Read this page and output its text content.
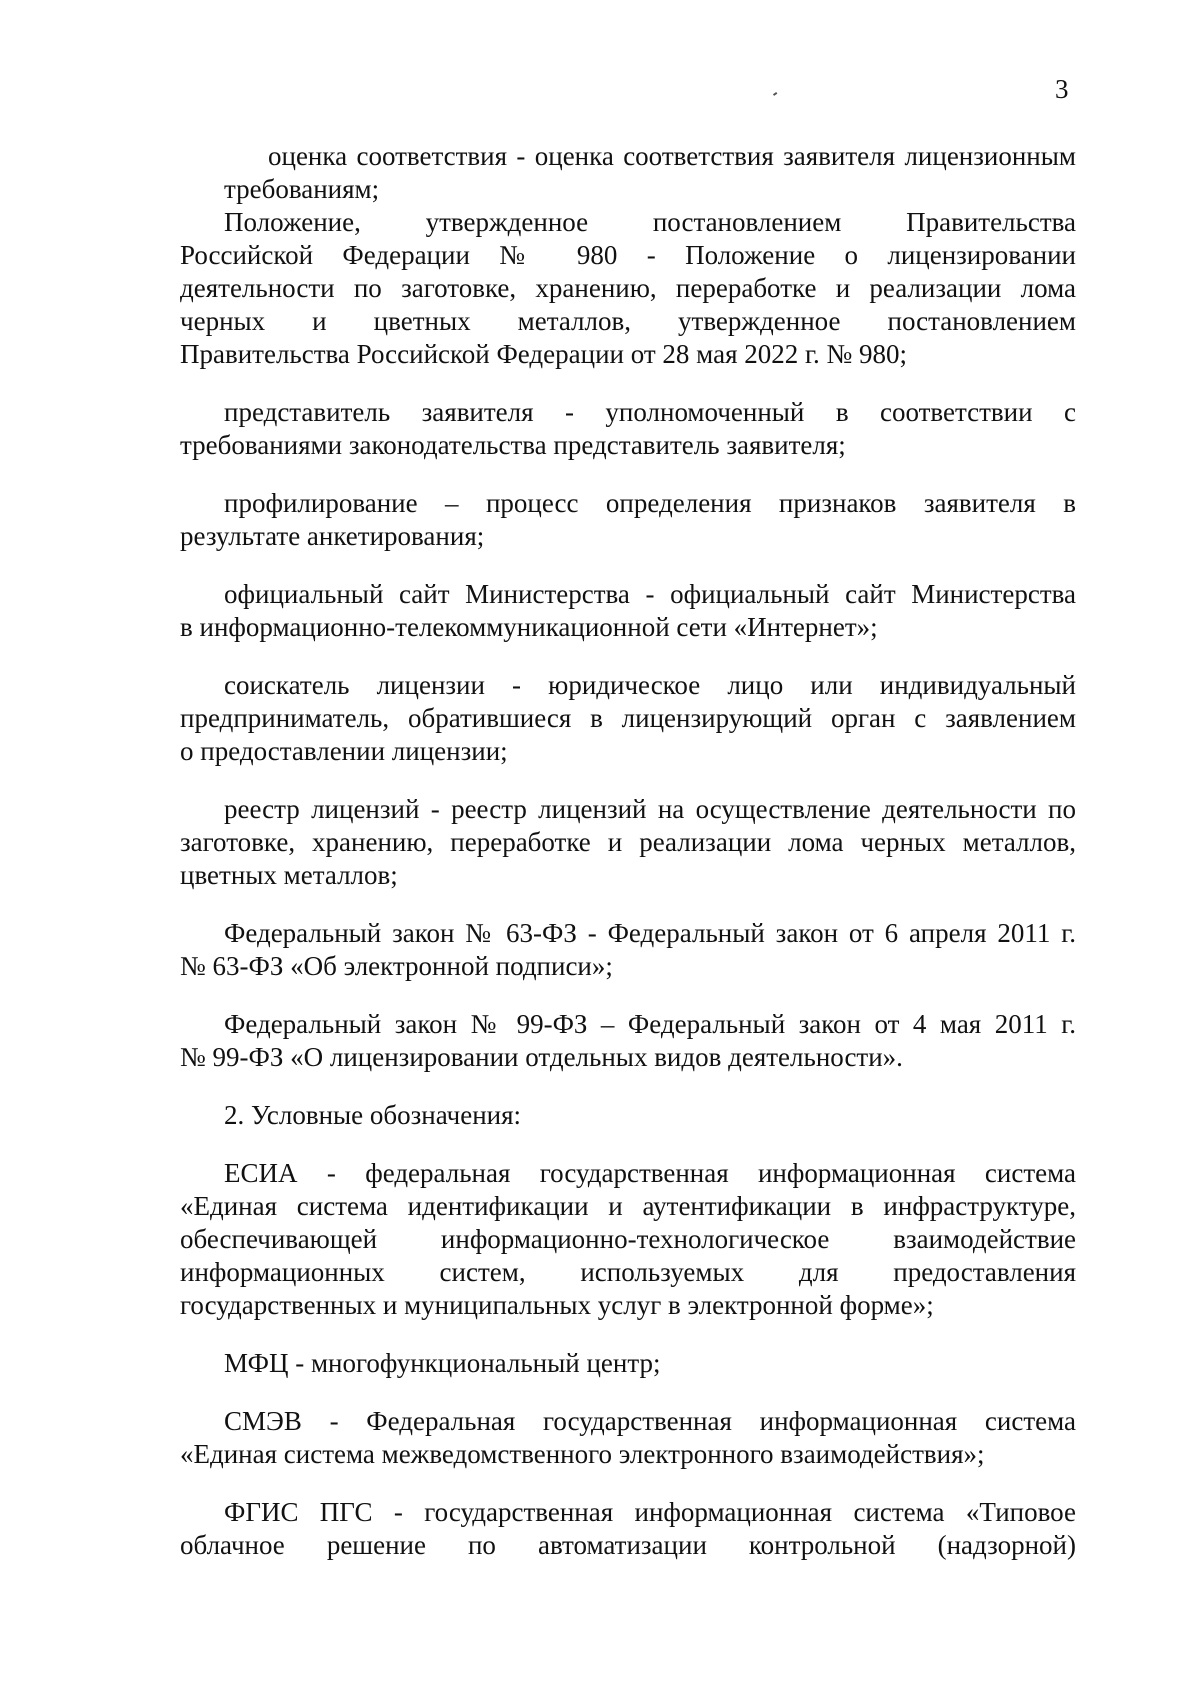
3

оценка соответствия - оценка соответствия заявителя лицензионным
требованиям;

Положение, утвержденное постановлением Правительства
Российской Федерации № 980 - Положение о лицензировании
деятельности по заготовке, хранению, переработке и реализации лома
черных и цветных металлов, утвержденное постановлением
Правительства Российской Федерации от 28 мая 2022 г. № 980;

представитель заявителя - уполномоченный в соответствии с
требованиями законодательства представитель заявителя;

профилирование – процесс определения признаков заявителя в
результате анкетирования;

официальный сайт Министерства - официальный сайт Министерства
в информационно-телекоммуникационной сети «Интернет»;

соискатель лицензии - юридическое лицо или индивидуальный
предприниматель, обратившиеся в лицензирующий орган с заявлением
о предоставлении лицензии;

реестр лицензий - реестр лицензий на осуществление деятельности по
заготовке, хранению, переработке и реализации лома черных металлов,
цветных металлов;

Федеральный закон № 63-ФЗ - Федеральный закон от 6 апреля 2011 г.
№ 63-ФЗ «Об электронной подписи»;

Федеральный закон № 99-ФЗ – Федеральный закон от 4 мая 2011 г.
№ 99-ФЗ «О лицензировании отдельных видов деятельности».

2. Условные обозначения:

ЕСИА - федеральная государственная информационная система
«Единая система идентификации и аутентификации в инфраструктуре,
обеспечивающей информационно-технологическое взаимодействие
информационных систем, используемых для предоставления
государственных и муниципальных услуг в электронной форме»;

МФЦ - многофункциональный центр;

СМЭВ - Федеральная государственная информационная система
«Единая система межведомственного электронного взаимодействия»;

ФГИС ПГС - государственная информационная система «Типовое
облачное решение по автоматизации контрольной (надзорной)
